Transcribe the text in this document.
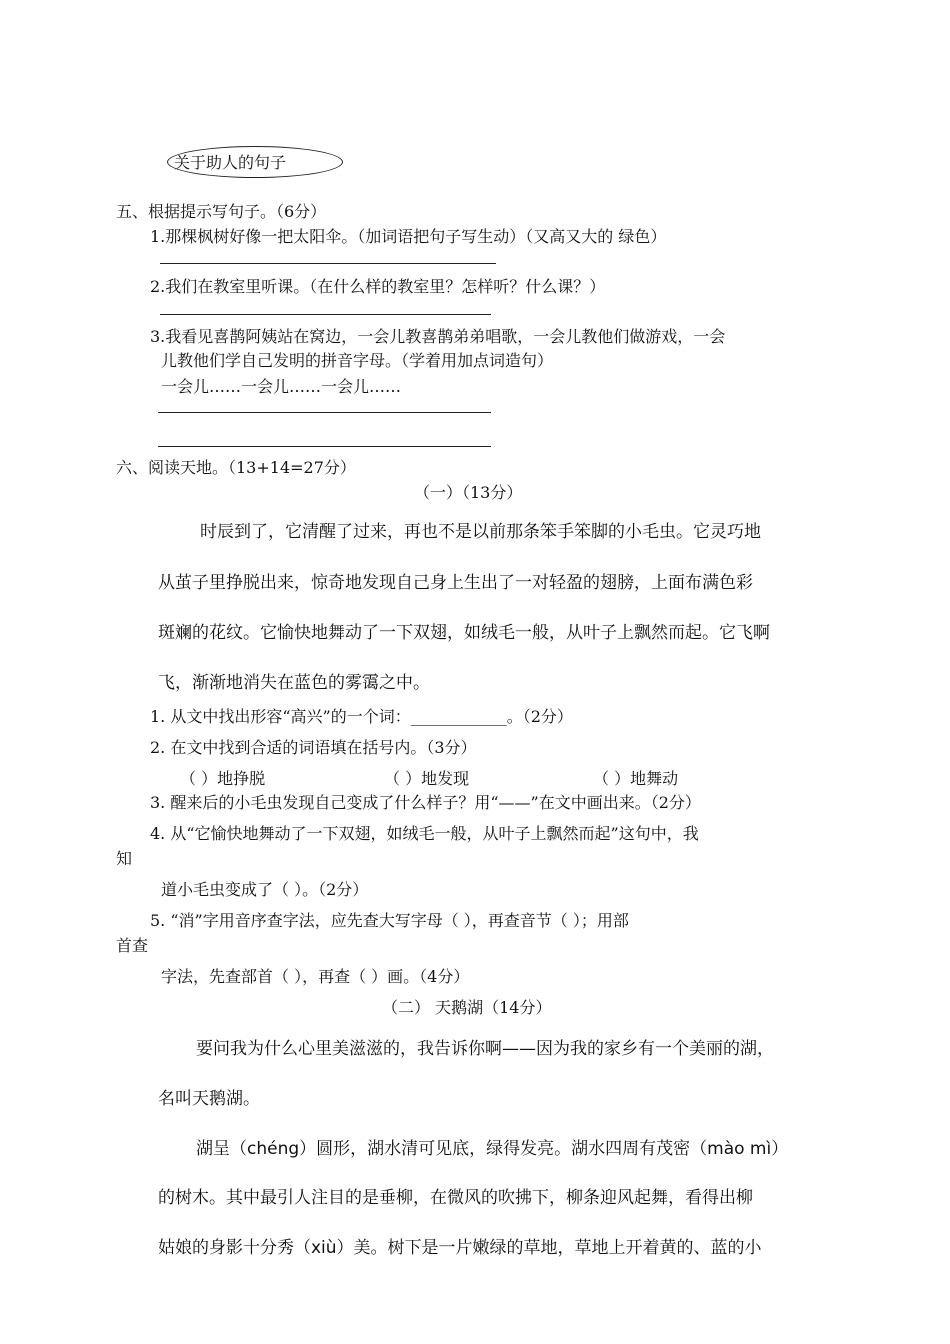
关于助人的句子
五、根据提示写句子。（6分）
1.那棵枫树好像一把太阳伞。（加词语把句子写生动）（又高又大的 绿色）
2.我们在教室里听课。（在什么样的教室里？怎样听？什么课？）
3.我看见喜鹊阿姨站在窝边，一会儿教喜鹊弟弟唱歌，一会儿教他们做游戏，一会
儿教他们学自己发明的拼音字母。（学着用加点词造句）
一会儿……一会儿……一会儿……
六、阅读天地。（13+14=27分）
（一）（13分）
时辰到了，它清醒了过来，再也不是以前那条笨手笨脚的小毛虫。它灵巧地
从茧子里挣脱出来，惊奇地发现自己身上生出了一对轻盈的翅膀，上面布满色彩
斑斓的花纹。它愉快地舞动了一下双翅，如绒毛一般，从叶子上飘然而起。它飞啊
飞，渐渐地消失在蓝色的雾霭之中。
1. 从文中找出形容“高兴”的一个词：____________。（2分）
2. 在文中找到合适的词语填在括号内。（3分）
（ ）地挣脱	（ ）地发现	（ ）地舞动
3. 醒来后的小毛虫发现自己变成了什么样子？用“——”在文中画出来。（2分）
4. 从“它愉快地舞动了一下双翅，如绒毛一般，从叶子上飘然而起”这句中，我
知
道小毛虫变成了（ ）。（2分）
5. “消”字用音序查字法，应先查大写字母（ ），再查音节（ ）；用部
首查
字法，先查部首（ ），再查（ ）画。（4分）
（二） 天鹅湖（14分）
要问我为什么心里美滋滋的，我告诉你啊——因为我的家乡有一个美丽的湖，
名叫天鹅湖。
湖呈（chéng）圆形，湖水清可见底，绿得发亮。湖水四周有茂密（mào mì）
的树木。其中最引人注目的是垂柳，在微风的吹拂下，柳条迎风起舞，看得出柳
姑娘的身影十分秀（xiù）美。树下是一片嫩绿的草地，草地上开着黄的、蓝的小
